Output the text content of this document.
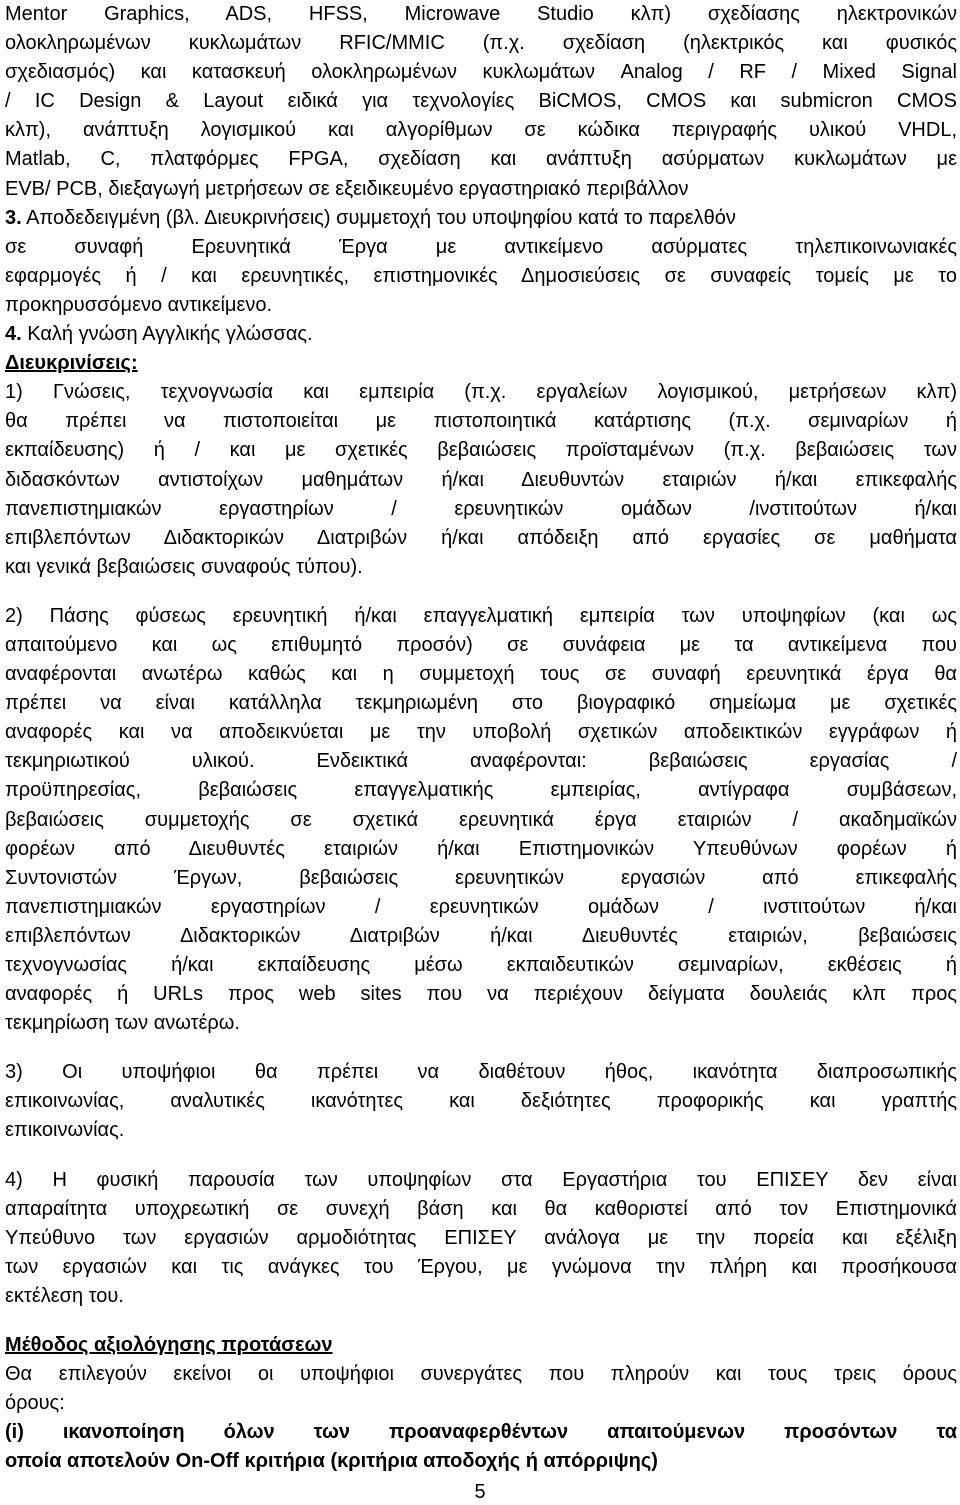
Mentor Graphics, ADS, HFSS, Microwave Studio κλπ) σχεδίασης ηλεκτρονικών
ολοκληρωμένων κυκλωμάτων RFIC/MMIC (π.χ. σχεδίαση (ηλεκτρικός και φυσικός
σχεδιασμός) και κατασκευή ολοκληρωμένων κυκλωμάτων Analog / RF / Mixed Signal
/ IC Design & Layout ειδικά για τεχνολογίες BiCMOS, CMOS και submicron CMOS
κλπ), ανάπτυξη λογισμικού και αλγορίθμων σε κώδικα περιγραφής υλικού VHDL,
Matlab, C, πλατφόρμες FPGA, σχεδίαση και ανάπτυξη ασύρματων κυκλωμάτων με
EVB/ PCB, διεξαγωγή μετρήσεων σε εξειδικευμένο εργαστηριακό περιβάλλον
3. Αποδεδειγμένη (βλ. Διευκρινήσεις) συμμετοχή του υποψηφίου κατά το παρελθόν
σε συναφή Ερευνητικά Έργα με αντικείμενο ασύρματες τηλεπικοινωνιακές
εφαρμογές ή / και ερευνητικές, επιστημονικές Δημοσιεύσεις σε συναφείς τομείς με το
προκηρυσσόμενο αντικείμενο.
4. Καλή γνώση Αγγλικής γλώσσας.
Διευκρινίσεις:
1) Γνώσεις, τεχνογνωσία και εμπειρία (π.χ. εργαλείων λογισμικού, μετρήσεων κλπ)
θα πρέπει να πιστοποιείται με πιστοποιητικά κατάρτισης (π.χ. σεμιναρίων ή
εκπαίδευσης) ή / και με σχετικές βεβαιώσεις προϊσταμένων (π.χ. βεβαιώσεις των
διδασκόντων αντιστοίχων μαθημάτων ή/και Διευθυντών εταιριών ή/και επικεφαλής
πανεπιστημιακών εργαστηρίων / ερευνητικών ομάδων /ινστιτούτων ή/και
επιβλεπόντων Διδακτορικών Διατριβών ή/και απόδειξη από εργασίες σε μαθήματα
και γενικά βεβαιώσεις συναφούς τύπου).
2) Πάσης φύσεως ερευνητική ή/και επαγγελματική εμπειρία των υποψηφίων (και ως
απαιτούμενο και ως επιθυμητό προσόν) σε συνάφεια με τα αντικείμενα που
αναφέρονται ανωτέρω καθώς και η συμμετοχή τους σε συναφή ερευνητικά έργα θα
πρέπει να είναι κατάλληλα τεκμηριωμένη στο βιογραφικό σημείωμα με σχετικές
αναφορές και να αποδεικνύεται με την υποβολή σχετικών αποδεικτικών εγγράφων ή
τεκμηριωτικού υλικού. Ενδεικτικά αναφέρονται: βεβαιώσεις εργασίας /
προϋπηρεσίας, βεβαιώσεις επαγγελματικής εμπειρίας, αντίγραφα συμβάσεων,
βεβαιώσεις συμμετοχής σε σχετικά ερευνητικά έργα εταιριών / ακαδημαϊκών
φορέων από Διευθυντές εταιριών ή/και Επιστημονικών Υπευθύνων φορέων ή
Συντονιστών Έργων, βεβαιώσεις ερευνητικών εργασιών από επικεφαλής
πανεπιστημιακών εργαστηρίων / ερευνητικών ομάδων / ινστιτούτων ή/και
επιβλεπόντων Διδακτορικών Διατριβών ή/και Διευθυντές εταιριών, βεβαιώσεις
τεχνογνωσίας ή/και εκπαίδευσης μέσω εκπαιδευτικών σεμιναρίων, εκθέσεις ή
αναφορές ή URLs προς web sites που να περιέχουν δείγματα δουλειάς κλπ προς
τεκμηρίωση των ανωτέρω.
3) Οι υποψήφιοι θα πρέπει να διαθέτουν ήθος, ικανότητα διαπροσωπικής
επικοινωνίας, αναλυτικές ικανότητες και δεξιότητες προφορικής και γραπτής
επικοινωνίας.
4) Η φυσική παρουσία των υποψηφίων στα Εργαστήρια του ΕΠΙΣΕΥ δεν είναι
απαραίτητα υποχρεωτική σε συνεχή βάση και θα καθοριστεί από τον Επιστημονικά
Υπεύθυνο των εργασιών αρμοδιότητας ΕΠΙΣΕΥ ανάλογα με την πορεία και εξέλιξη
των εργασιών και τις ανάγκες του Έργου, με γνώμονα την πλήρη και προσήκουσα
εκτέλεση του.
Μέθοδος αξιολόγησης προτάσεων
Θα επιλεγούν εκείνοι οι υποψήφιοι συνεργάτες που πληρούν και τους τρεις όρους
όρους:
(i) ικανοποίηση όλων των προαναφερθέντων απαιτούμενων προσόντων τα
οποία αποτελούν On-Off κριτήρια (κριτήρια αποδοχής ή απόρριψης)
5
